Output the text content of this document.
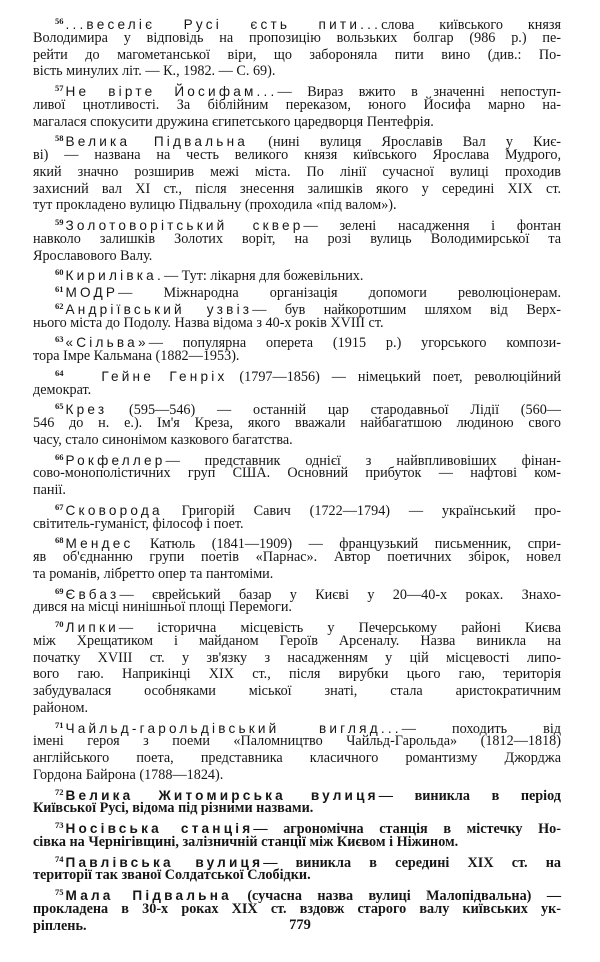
$^{56}$ ...веселіє Русі єсть пити...слова київського князя
Володимира у відповідь на пропозицію вользьких болгар (986 р.) пе-
рейти до магометанської віри, що забороняла пити вино (див.: По-
вість минулих літ. — К., 1982. — С. 69).
$^{57}$ Не вірте Йосифам...— Вираз вжито в значенні непоступ-
ливої цнотливості. За біблійним переказом, юного Йосифа марно на-
магалася спокусити дружина єгипетського царедворця Пентефрія.
$^{58}$ Велика Підвальна (нині вулиця Ярославів Вал у Киє-
ві) — названа на честь великого князя київського Ярослава Мудрого,
який значно розширив межі міста. По лінії сучасної вулиці проходив
захисний вал XI ст., після знесення залишків якого у середині XIX ст.
тут прокладено вулицю Підвальну (проходила «під валом»).
$^{59}$ Золотоворітський сквер— зелені насадження і фонтан
навколо залишків Золотих воріт, на розі вулиць Володимирської та
Ярославового Валу.
$^{60}$ Кирилівка.— Тут: лікарня для божевільних.
$^{61}$ МОДР— Міжнародна організація допомоги революціонерам.
$^{62}$ Андріївський узвіз— був найкоротшим шляхом від Верх-
нього міста до Подолу. Назва відома з 40-х років XVIII ст.
$^{63}$ «Сільва»— популярна оперета (1915 р.) угорського компози-
тора Імре Кальмана (1882—1953).
$^{64}$	Гейне Генріх (1797—1856) — німецький поет, революційний
демократ.
$^{65}$ Крез (595—546) — останній цар стародавньої Лідії (560—
546 до н. е.). Ім'я Креза, якого вважали найбагатшою людиною свого
часу, стало синонімом казкового багатства.
$^{66}$ Рокфеллер— представник однієї з найвпливовіших фінан-
сово-монополістичних груп США. Основний прибуток — нафтові ком-
панії.
$^{67}$ Сковорода Григорій Савич (1722—1794) — український про-
світитель-гуманіст, філософ і поет.
$^{68}$ Мендес Катюль (1841—1909) — французький письменник, спри-
яв об'єднанню групи поетів «Парнас». Автор поетичних збірок, новел
та романів, лібретто опер та пантоміми.
$^{69}$ Євбаз— єврейський базар у Києві у 20—40-х роках. Знахо-
дився на місці нинішньої площі Перемоги.
$^{70}$ Липки— історична місцевість у Печерському районі Києва
між Хрещатиком і майданом Героїв Арсеналу. Назва виникла на
початку XVIII ст. у зв'язку з насадженням у цій місцевості липо-
вого гаю. Наприкінці XIX ст., після вирубки цього гаю, територія
забудувалася особняками міської знаті, стала аристократичним
районом.
$^{71}$ Чайльд-гарольдівський вигляд...— походить від
імені героя з поеми «Паломництво Чайльд-Гарольда» (1812—1818)
англійського поета, представника класичного романтизму Джорджа
Гордона Байрона (1788—1824).
$^{72}$ Велика Житомирська вулиця— виникла в період
Київської Русі, відома під різними назвами.
$^{73}$ Носівська станція— агрономічна станція в містечку Но-
сівка на Чернігівщині, залізничній станції між Києвом і Ніжином.
$^{74}$ Павлівська вулиця— виникла в середині XIX ст. на
території так званої Солдатської Слобідки.
$^{75}$ Мала Підвальна (сучасна назва вулиці Малопідвальна) —
прокладена в 30-х роках XIX ст. вздовж старого валу київських ук-
ріплень.	779
